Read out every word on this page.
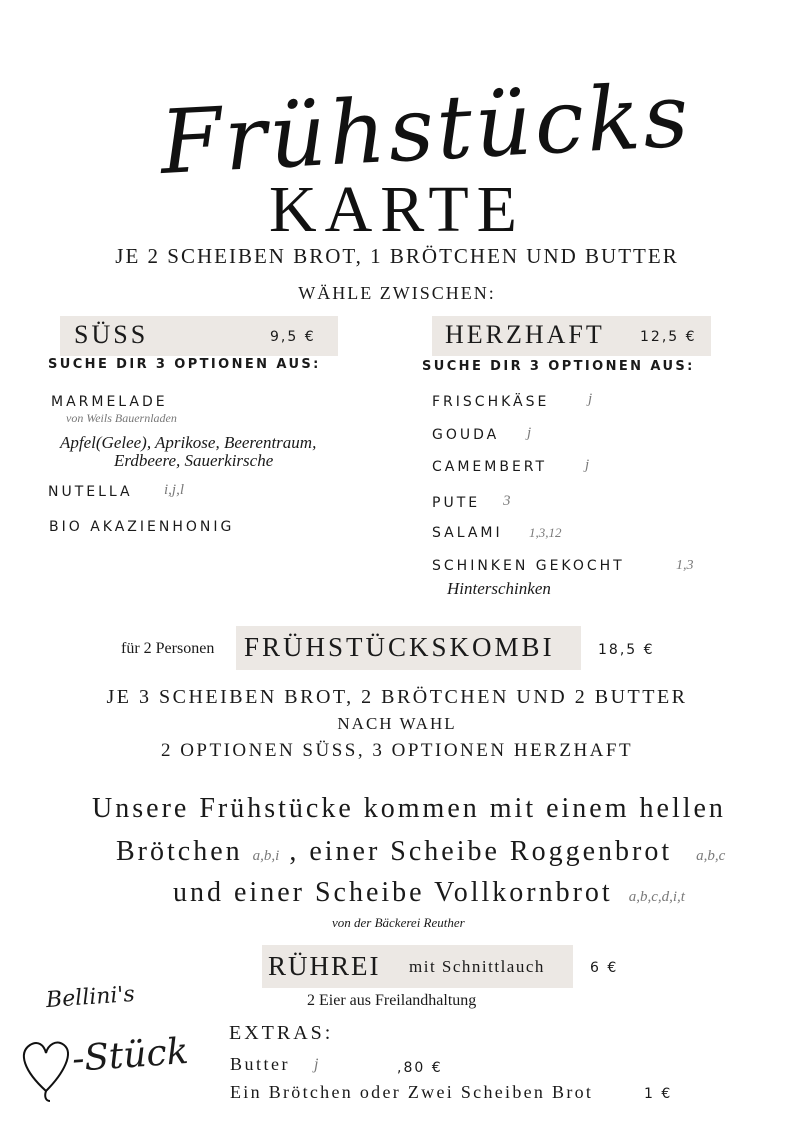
Frühstücks
KARTE
JE 2 SCHEIBEN BROT, 1 BRÖTCHEN UND BUTTER
WÄHLE ZWISCHEN:
SÜSS	9,5 €
SUCHE DIR 3 OPTIONEN AUS:
MARMELADE
von Weils Bauernladen
Apfel(Gelee), Aprikose, Beerentraum,
Erdbeere, Sauerkirsche
NUTELLA i,j,l
BIO AKAZIENHONIG
HERZHAFT	12,5 €
SUCHE DIR 3 OPTIONEN AUS:
FRISCHKÄSE	j
GOUDA j
CAMEMBERT	j
PUTE 3
SALAMI 1,3,12
SCHINKEN GEKOCHT	1,3
Hinterschinken
für 2 Personen FRÜHSTÜCKSKOMBI	18,5 €
JE 3 SCHEIBEN BROT, 2 BRÖTCHEN UND 2 BUTTER
NACH WAHL
2 OPTIONEN SÜSS, 3 OPTIONEN HERZHAFT
Unsere Frühstücke kommen mit einem hellen
Brötchen a,b,i , einer Scheibe Roggenbrot a,b,c
und einer Scheibe Vollkornbrot a,b,c,d,i,t
von der Bäckerei Reuther
RÜHREI mit Schnittlauch	6 €
2 Eier aus Freilandhaltung
EXTRAS:
Butter j	,80 €
Ein Brötchen oder Zwei Scheiben Brot	1 €
Bellini's
-Stück
